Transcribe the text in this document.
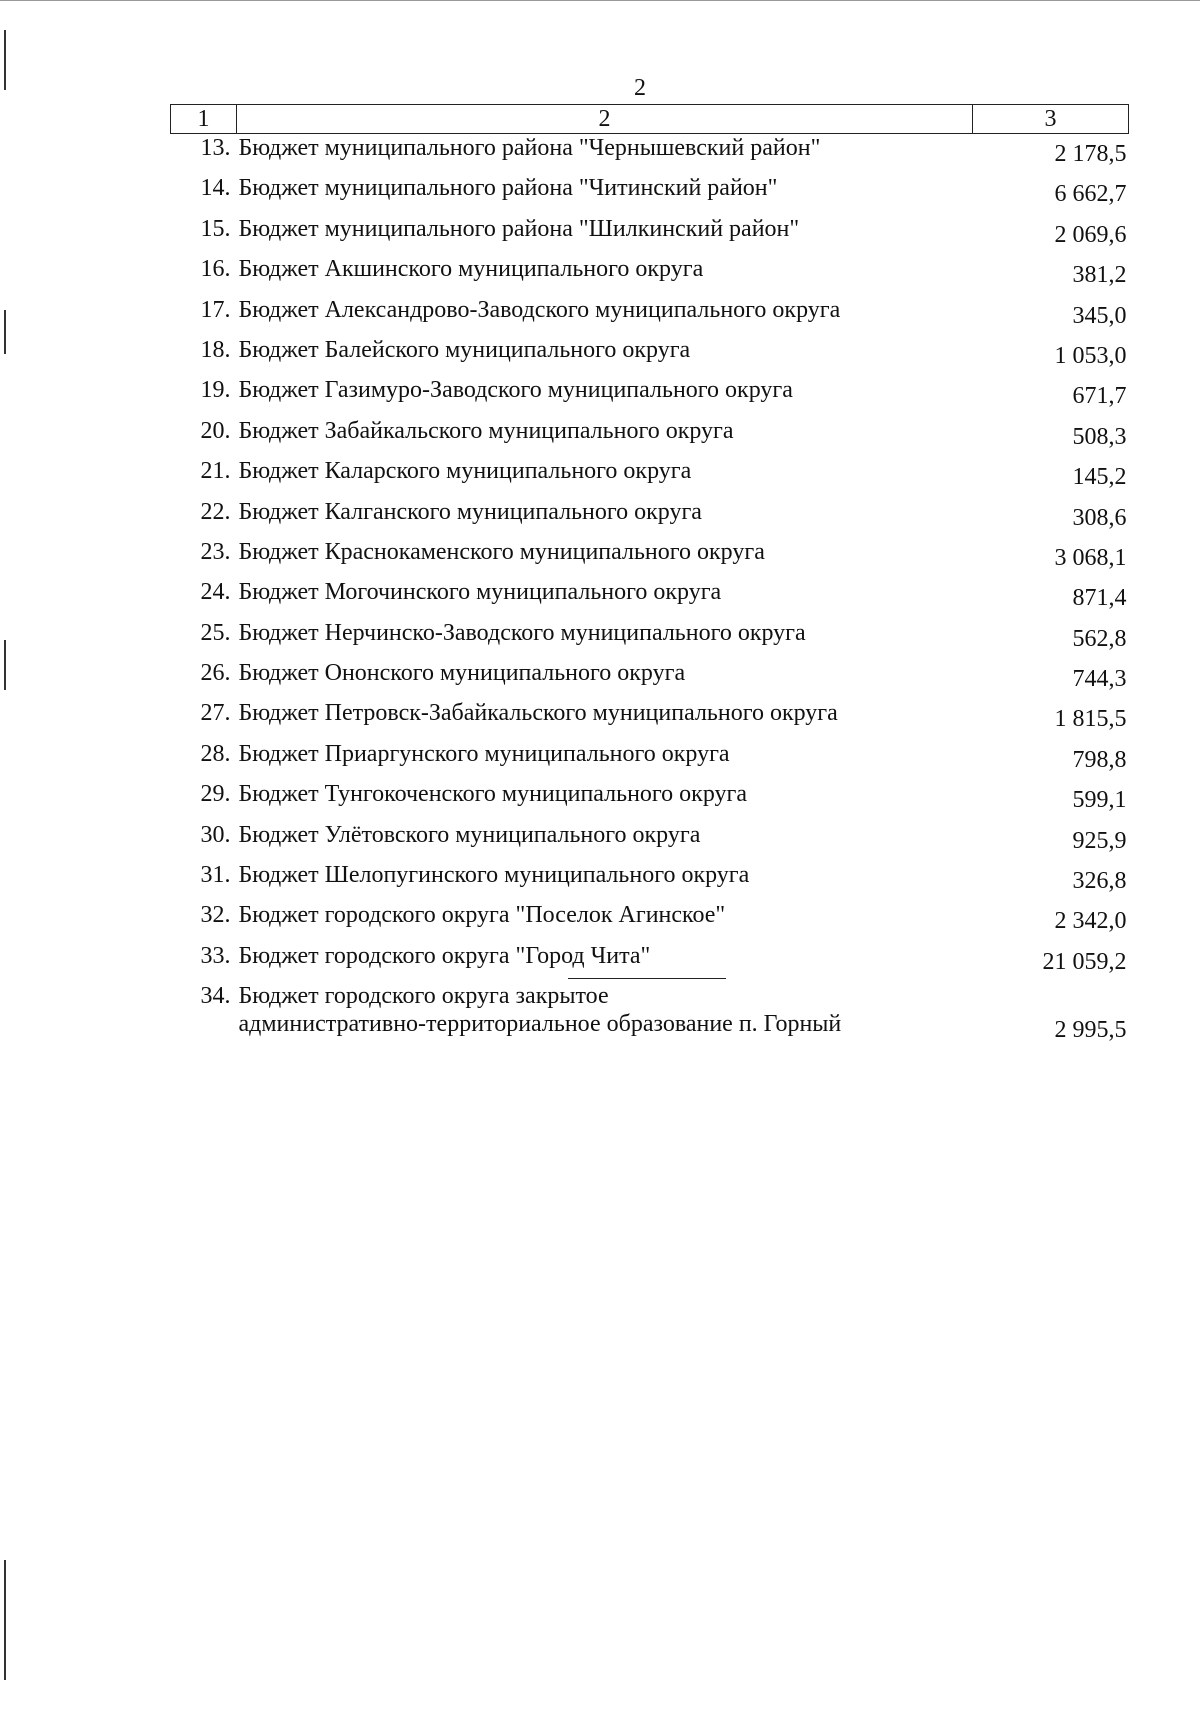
2
1	2	3
13.	Бюджет муниципального района "Чернышевский район"	2 178,5
14.	Бюджет муниципального района "Читинский район"	6 662,7
15.	Бюджет муниципального района "Шилкинский район"	2 069,6
16.	Бюджет Акшинского муниципального округа	381,2
17.	Бюджет Александрово-Заводского муниципального округа	345,0
18.	Бюджет Балейского муниципального округа	1 053,0
19.	Бюджет Газимуро-Заводского муниципального округа	671,7
20.	Бюджет Забайкальского муниципального округа	508,3
21.	Бюджет Каларского муниципального округа	145,2
22.	Бюджет Калганского муниципального округа	308,6
23.	Бюджет Краснокаменского муниципального округа	3 068,1
24.	Бюджет Могочинского муниципального округа	871,4
25.	Бюджет Нерчинско-Заводского муниципального округа	562,8
26.	Бюджет Ононского муниципального округа	744,3
27.	Бюджет Петровск-Забайкальского муниципального округа	1 815,5
28.	Бюджет Приаргунского муниципального округа	798,8
29.	Бюджет Тунгокоченского муниципального округа	599,1
30.	Бюджет Улётовского муниципального округа	925,9
31.	Бюджет Шелопугинского муниципального округа	326,8
32.	Бюджет городского округа "Поселок Агинское"	2 342,0
33.	Бюджет городского округа "Город Чита"	21 059,2
34.	Бюджет городского округа закрытое
административно-территориальное образование п. Горный	2 995,5
